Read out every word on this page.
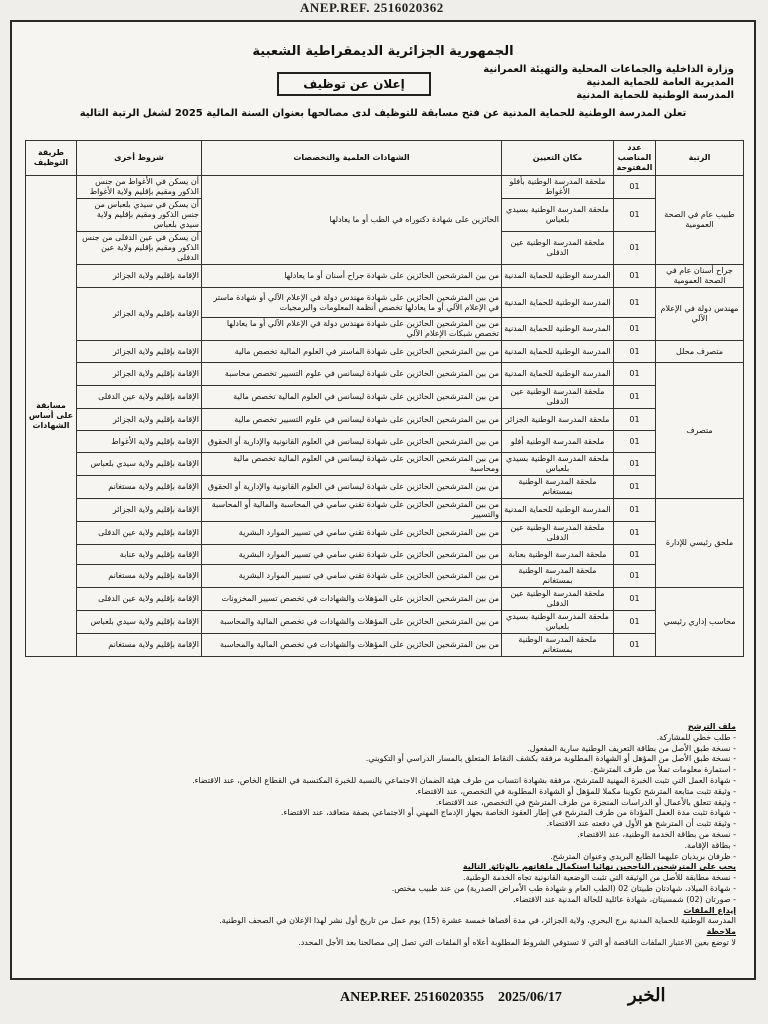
ANEP.REF. 2516020362
الجمهورية الجزائرية الديمقراطية الشعبية
وزارة الداخلية والجماعات المحلية والتهيئة العمرانية
المديرية العامة للحماية المدنية
المدرسة الوطنية للحماية المدنية
إعلان عن توظيف
تعلن المدرسة الوطنية للحماية المدنية عن فتح مسابقة للتوظيف لدى مصالحها بعنوان السنة المالية 2025 لشغل الرتبة التالية
الرتبة	عدد المناصب المفتوحة	مكان التعيين	الشهادات العلمية والتخصصات	شروط أخرى	طريقة التوظيف
طبيب عام في الصحة العمومية	01	ملحقة المدرسة الوطنية بأفلو الأغواط	الحائزين على شهادة دكتوراه في الطب أو ما يعادلها	أن يسكن في الأغواط من جنس الذكور ومقيم بإقليم ولاية الأغواط	مسابقة على أساس الشهادات
	01	ملحقة المدرسة الوطنية بسيدي بلعباس		أن يسكن في سيدي بلعباس من جنس الذكور ومقيم بإقليم ولاية سيدي بلعباس	
	01	ملحقة المدرسة الوطنية عين الدفلى		أن يسكن في عين الدفلى من جنس الذكور ومقيم بإقليم ولاية عين الدفلى	
جراح أسنان عام في الصحة العمومية	01	المدرسة الوطنية للحماية المدنية	من بين المترشحين الحائزين على شهادة جراح أسنان أو ما يعادلها	الإقامة بإقليم ولاية الجزائر	
مهندس دولة في الإعلام الآلي	01	المدرسة الوطنية للحماية المدنية	من بين المترشحين الحائزين على شهادة مهندس دولة في الإعلام الآلي أو شهادة ماستر في الإعلام الآلي أو ما يعادلها تخصص أنظمة المعلومات والبرمجيات	الإقامة بإقليم ولاية الجزائر	
	01	المدرسة الوطنية للحماية المدنية	من بين المترشحين الحائزين على شهادة مهندس دولة في الإعلام الآلي أو ما يعادلها تخصص شبكات الإعلام الآلي		
متصرف محلل	01	المدرسة الوطنية للحماية المدنية	من بين المترشحين الحائزين على شهادة الماستر في العلوم المالية تخصص مالية	الإقامة بإقليم ولاية الجزائر	
متصرف	01	المدرسة الوطنية للحماية المدنية	من بين المترشحين الحائزين على شهادة ليسانس في علوم التسيير تخصص محاسبة	الإقامة بإقليم ولاية الجزائر	
	01	ملحقة المدرسة الوطنية عين الدفلى	من بين المترشحين الحائزين على شهادة ليسانس في العلوم المالية تخصص مالية	الإقامة بإقليم ولاية عين الدفلى	
	01	ملحقة المدرسة الوطنية الجزائر	من بين المترشحين الحائزين على شهادة ليسانس في علوم التسيير تخصص مالية	الإقامة بإقليم ولاية الجزائر	
	01	ملحقة المدرسة الوطنية أفلو	من بين المترشحين الحائزين على شهادة ليسانس في العلوم القانونية والإدارية أو الحقوق	الإقامة بإقليم ولاية الأغواط	
	01	ملحقة المدرسة الوطنية بسيدي بلعباس	من بين المترشحين الحائزين على شهادة ليسانس في العلوم المالية تخصص مالية ومحاسبة	الإقامة بإقليم ولاية سيدي بلعباس	
	01	ملحقة المدرسة الوطنية بمستغانم	من بين المترشحين الحائزين على شهادة ليسانس في العلوم القانونية والإدارية أو الحقوق	الإقامة بإقليم ولاية مستغانم	
ملحق رئيسي للإدارة	01	المدرسة الوطنية للحماية المدنية	من بين المترشحين الحائزين على شهادة تقني سامي في المحاسبة والمالية أو المحاسبة والتسيير	الإقامة بإقليم ولاية الجزائر	
	01	ملحقة المدرسة الوطنية عين الدفلى	من بين المترشحين الحائزين على شهادة تقني سامي في تسيير الموارد البشرية	الإقامة بإقليم ولاية عين الدفلى	
	01	ملحقة المدرسة الوطنية بعنابة	من بين المترشحين الحائزين على شهادة تقني سامي في تسيير الموارد البشرية	الإقامة بإقليم ولاية عنابة	
	01	ملحقة المدرسة الوطنية بمستغانم	من بين المترشحين الحائزين على شهادة تقني سامي في تسيير الموارد البشرية	الإقامة بإقليم ولاية مستغانم	
محاسب إداري رئيسي	01	ملحقة المدرسة الوطنية عين الدفلى	من بين المترشحين الحائزين على المؤهلات والشهادات في تخصص تسيير المخزونات	الإقامة بإقليم ولاية عين الدفلى	
	01	ملحقة المدرسة الوطنية بسيدي بلعباس	من بين المترشحين الحائزين على المؤهلات والشهادات في تخصص المالية والمحاسبة	الإقامة بإقليم ولاية سيدي بلعباس	
	01	ملحقة المدرسة الوطنية بمستغانم	من بين المترشحين الحائزين على المؤهلات والشهادات في تخصص المالية والمحاسبة	الإقامة بإقليم ولاية مستغانم	
ملف الترشح
- طلب خطي للمشاركة.
- نسخة طبق الأصل من بطاقة التعريف الوطنية سارية المفعول.
- نسخة طبق الأصل من المؤهل أو الشهادة المطلوبة مرفقة بكشف النقاط المتعلق بالمسار الدراسي أو التكويني.
- استمارة معلومات تملأ من طرف المترشح.
- شهادة العمل التي تثبت الخبرة المهنية للمترشح، مرفقة بشهادة انتساب من طرف هيئة الضمان الاجتماعي بالنسبة للخبرة المكتسبة في القطاع الخاص، عند الاقتضاء.
- وثيقة تثبت متابعة المترشح تكوينا مكملا للمؤهل أو الشهادة المطلوبة في التخصص، عند الاقتضاء.
- وثيقة تتعلق بالأعمال أو الدراسات المنجزة من طرف المترشح في التخصص، عند الاقتضاء.
- شهادة تثبت مدة العمل المؤداة من طرف المترشح في إطار العقود الخاصة بجهاز الإدماج المهني أو الاجتماعي بصفة متعاقد، عند الاقتضاء.
- وثيقة تثبت أن المترشح هو الأول في دفعته عند الاقتضاء.
- نسخة من بطاقة الخدمة الوطنية، عند الاقتضاء.
- بطاقة الإقامة.
- ظرفان بريديان عليهما الطابع البريدي وعنوان المترشح.
يجب على المترشحين الناجحين نهائيا استكمال ملفاتهم بالوثائق التالية
- نسخة مطابقة للأصل من الوثيقة التي تثبت الوضعية القانونية تجاه الخدمة الوطنية.
- شهادة الميلاد، شهادتان طبيتان 02 (الطب العام و شهادة طب الأمراض الصدرية) من عند طبيب مختص.
- صورتان (02) شمسيتان، شهادة عائلية للحالة المدنية عند الاقتضاء.
إيداع الملفات
المدرسة الوطنية للحماية المدنية برج البحري، ولاية الجزائر، في مدة أقصاها خمسة عشرة (15) يوم عمل من تاريخ أول نشر لهذا الإعلان في الصحف الوطنية.
ملاحظة
لا توضع بعين الاعتبار الملفات الناقصة أو التي لا تستوفي الشروط المطلوبة أعلاه أو الملفات التي تصل إلى مصالحنا بعد الأجل المحدد.
ANEP.REF. 2516020355 2025/06/17	الخبر
